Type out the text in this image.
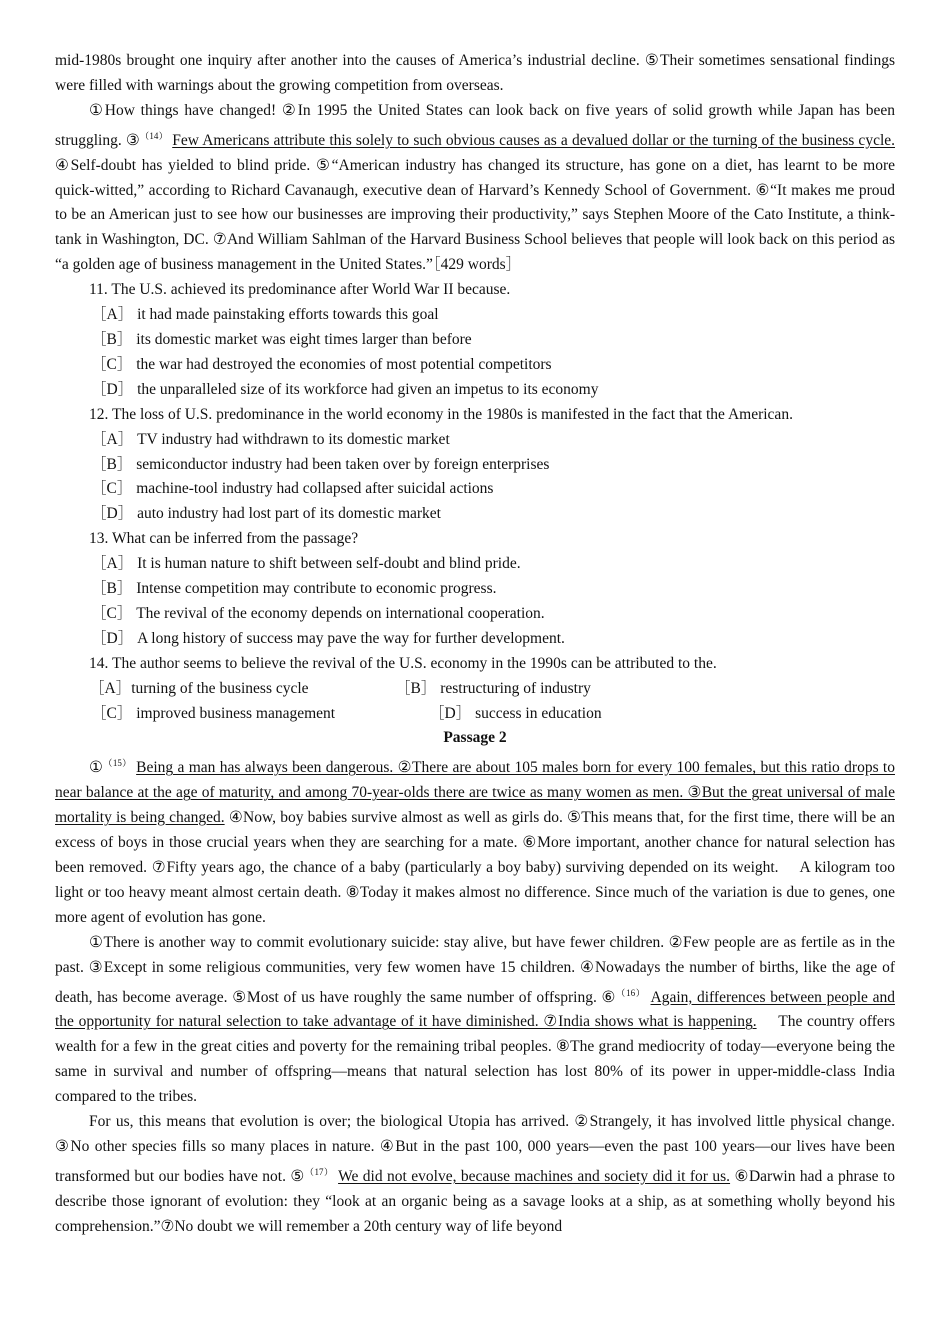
mid-1980s brought one inquiry after another into the causes of America’s industrial decline. ⑤Their sometimes sensational findings were filled with warnings about the growing competition from overseas.

①How things have changed! ②In 1995 the United States can look back on five years of solid growth while Japan has been struggling. ③$^{(14)}$ Few Americans attribute this solely to such obvious causes as a devalued dollar or the turning of the business cycle. ④Self-doubt has yielded to blind pride. ⑤“American industry has changed its structure, has gone on a diet, has learnt to be more quick-witted,” according to Richard Cavanaugh, executive dean of Harvard’s Kennedy School of Government. ⑥“It makes me proud to be an American just to see how our businesses are improving their productivity,” says Stephen Moore of the Cato Institute, a think-tank in Washington, DC. ⑦And William Sahlman of the Harvard Business School believes that people will look back on this period as “a golden age of business management in the United States.”［429 words］

11. The U.S. achieved its predominance after World War II because.

［A］ it had made painstaking efforts towards this goal

［B］ its domestic market was eight times larger than before

［C］ the war had destroyed the economies of most potential competitors

［D］ the unparalleled size of its workforce had given an impetus to its economy

12. The loss of U.S. predominance in the world economy in the 1980s is manifested in the fact that the American.

［A］ TV industry had withdrawn to its domestic market

［B］ semiconductor industry had been taken over by foreign enterprises

［C］ machine-tool industry had collapsed after suicidal actions

［D］ auto industry had lost part of its domestic market

13. What can be inferred from the passage?

［A］ It is human nature to shift between self-doubt and blind pride.

［B］ Intense competition may contribute to economic progress.

［C］ The revival of the economy depends on international cooperation.

［D］ A long history of success may pave the way for further development.

14. The author seems to believe the revival of the U.S. economy in the 1990s can be attributed to the.

［A］turning of the business cycle	［B］ restructuring of industry
［C］ improved business management	［D］ success in education

Passage 2

①$^{(15)}$ Being a man has always been dangerous. ②There are about 105 males born for every 100 females, but this ratio drops to near balance at the age of maturity, and among 70-year-olds there are twice as many women as men. ③But the great universal of male mortality is being changed. ④Now, boy babies survive almost as well as girls do. ⑤This means that, for the first time, there will be an excess of boys in those crucial years when they are searching for a mate. ⑥More important, another chance for natural selection has been removed. ⑦Fifty years ago, the chance of a baby (particularly a boy baby) surviving depended on its weight.　 A kilogram too light or too heavy meant almost certain death. ⑧Today it makes almost no difference. Since much of the variation is due to genes, one more agent of evolution has gone.

①There is another way to commit evolutionary suicide: stay alive, but have fewer children. ②Few people are as fertile as in the past. ③Except in some religious communities, very few women have 15 children. ④Nowadays the number of births, like the age of death, has become average. ⑤Most of us have roughly the same number of offspring. ⑥$^{(16)}$ Again, differences between people and the opportunity for natural selection to take advantage of it have diminished. ⑦India shows what is happening.　 The country offers wealth for a few in the great cities and poverty for the remaining tribal peoples. ⑧The grand mediocrity of today—everyone being the same in survival and number of offspring—means that natural selection has lost 80% of its power in upper-middle-class India compared to the tribes.

For us, this means that evolution is over; the biological Utopia has arrived. ②Strangely, it has involved little physical change. ③No other species fills so many places in nature. ④But in the past 100, 000 years—even the past 100 years—our lives have been transformed but our bodies have not. ⑤$^{(17)}$ We did not evolve, because machines and society did it for us. ⑥Darwin had a phrase to describe those ignorant of evolution: they “look at an organic being as a savage looks at a ship, as at something wholly beyond his comprehension.”⑦No doubt we will remember a 20th century way of life beyond
